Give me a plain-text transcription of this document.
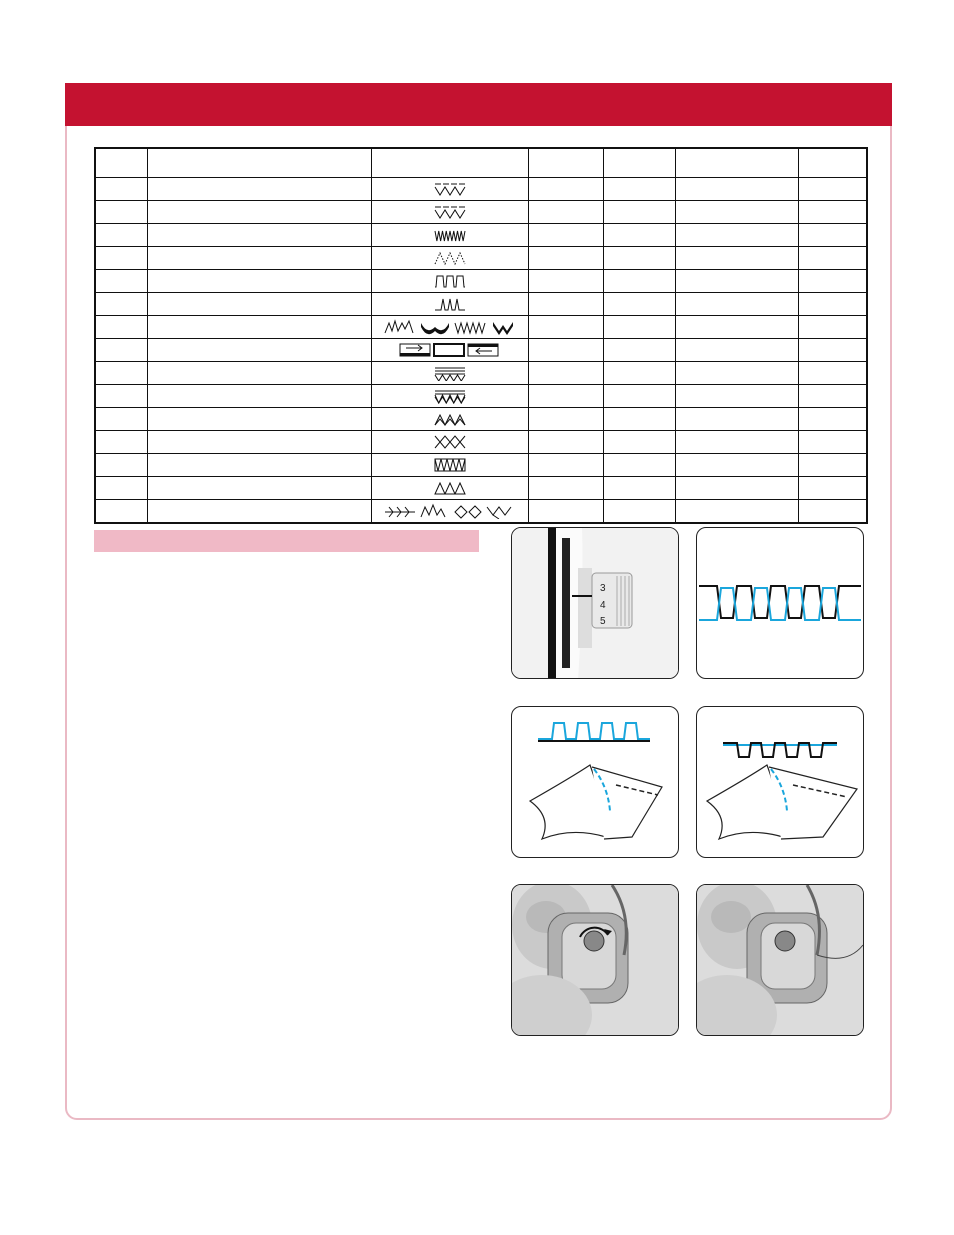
3
4
5
